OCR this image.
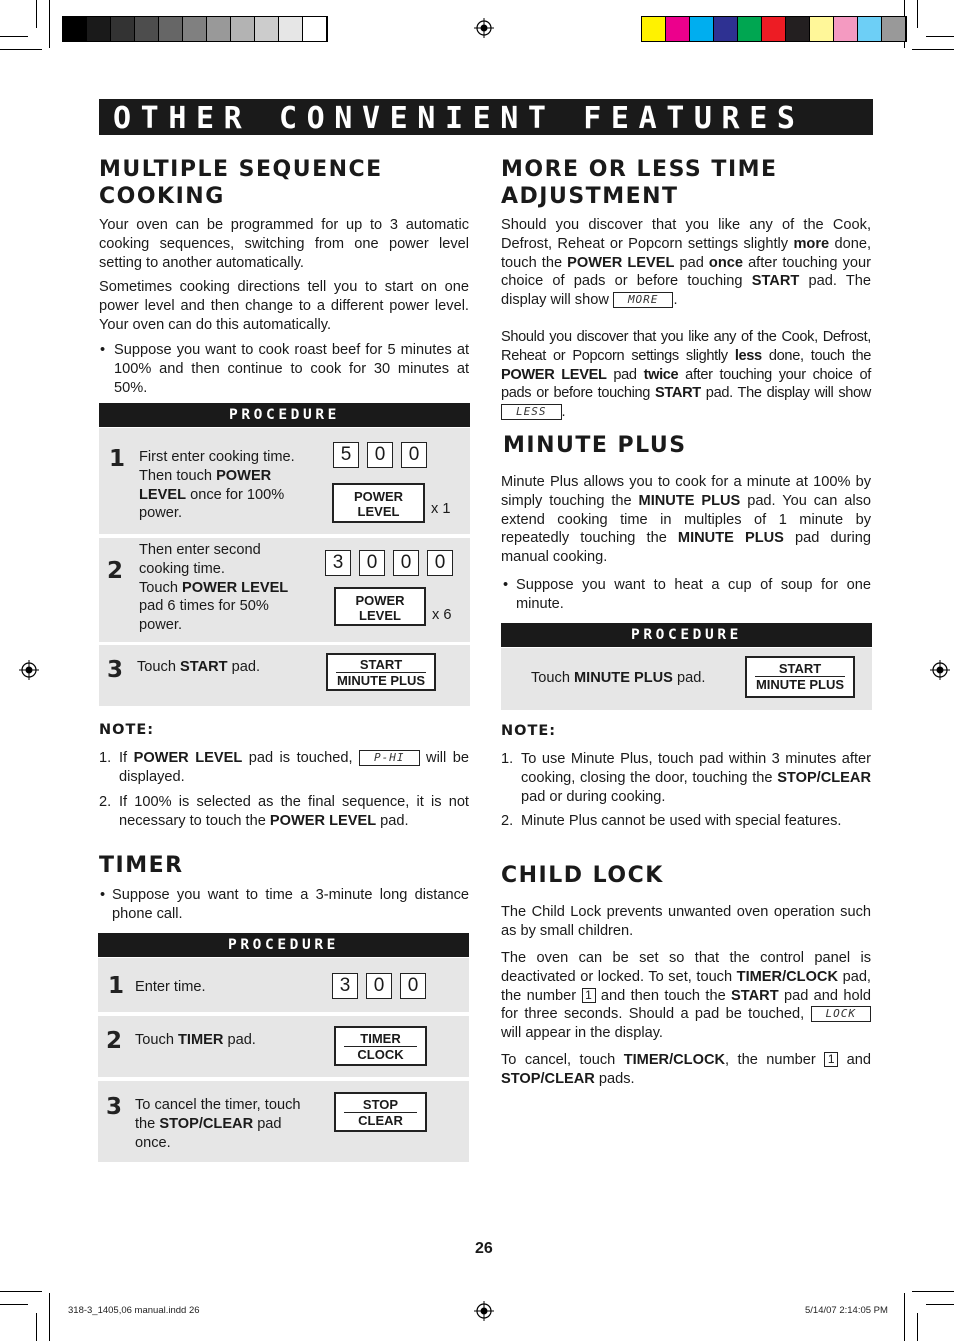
OTHER CONVENIENT FEATURES
MULTIPLE SEQUENCE COOKING

Your oven can be programmed for up to 3 automatic cooking sequences, switching from one power level setting to another automatically.

Sometimes cooking directions tell you to start on one power level and then change to a different power level. Your oven can do this automatically.

• Suppose you want to cook roast beef for 5 minutes at 100% and then continue to cook for 30 minutes at 50%.
PROCEDURE
1 First enter cooking time. Then touch POWER LEVEL once for 100% power.
5	0	0
POWER
LEVEL	x 1
2
Then enter second cooking time.
Touch POWER LEVEL pad 6 times for 50% power.
3	0	0	0
POWER
LEVEL	x 6
3 Touch START pad.	START
MINUTE PLUS
NOTE:
1. If POWER LEVEL pad is touched, P-HI will be displayed.
2. If 100% is selected as the final sequence, it is not necessary to touch the POWER LEVEL pad.
TIMER
• Suppose you want to time a 3-minute long distance phone call.
PROCEDURE
1 Enter time.	3	0	0
2 Touch TIMER pad.	TIMER
CLOCK
3 To cancel the timer, touch the STOP/CLEAR pad once.
STOP
CLEAR
MORE OR LESS TIME ADJUSTMENT

Should you discover that you like any of the Cook, Defrost, Reheat or Popcorn settings slightly more done, touch the POWER LEVEL pad once after touching your choice of pads or before touching START pad. The display will show MORE .

Should you discover that you like any of the Cook, Defrost, Reheat or Popcorn settings slightly less done, touch the POWER LEVEL pad twice after touching your choice of pads or before touching START pad. The display will show LESS .

MINUTE PLUS

Minute Plus allows you to cook for a minute at 100% by simply touching the MINUTE PLUS pad. You can also extend cooking time in multiples of 1 minute by repeatedly touching the MINUTE PLUS pad during manual cooking.

• Suppose you want to heat a cup of soup for one minute.
PROCEDURE
Touch MINUTE PLUS pad.
START
MINUTE PLUS
NOTE:
1. To use Minute Plus, touch pad within 3 minutes after cooking, closing the door, touching the STOP/CLEAR pad or during cooking.
2. Minute Plus cannot be used with special features.
CHILD LOCK

The Child Lock prevents unwanted oven operation such as by small children.

The oven can be set so that the control panel is deactivated or locked. To set, touch TIMER/CLOCK pad, the number 1 and then touch the START pad and hold for three seconds. Should a pad be touched, LOCK will appear in the display.

To cancel, touch TIMER/CLOCK, the number 1 and STOP/CLEAR pads.

26
318-3_1405,06 manual.indd 26	5/14/07 2:14:05 PM
